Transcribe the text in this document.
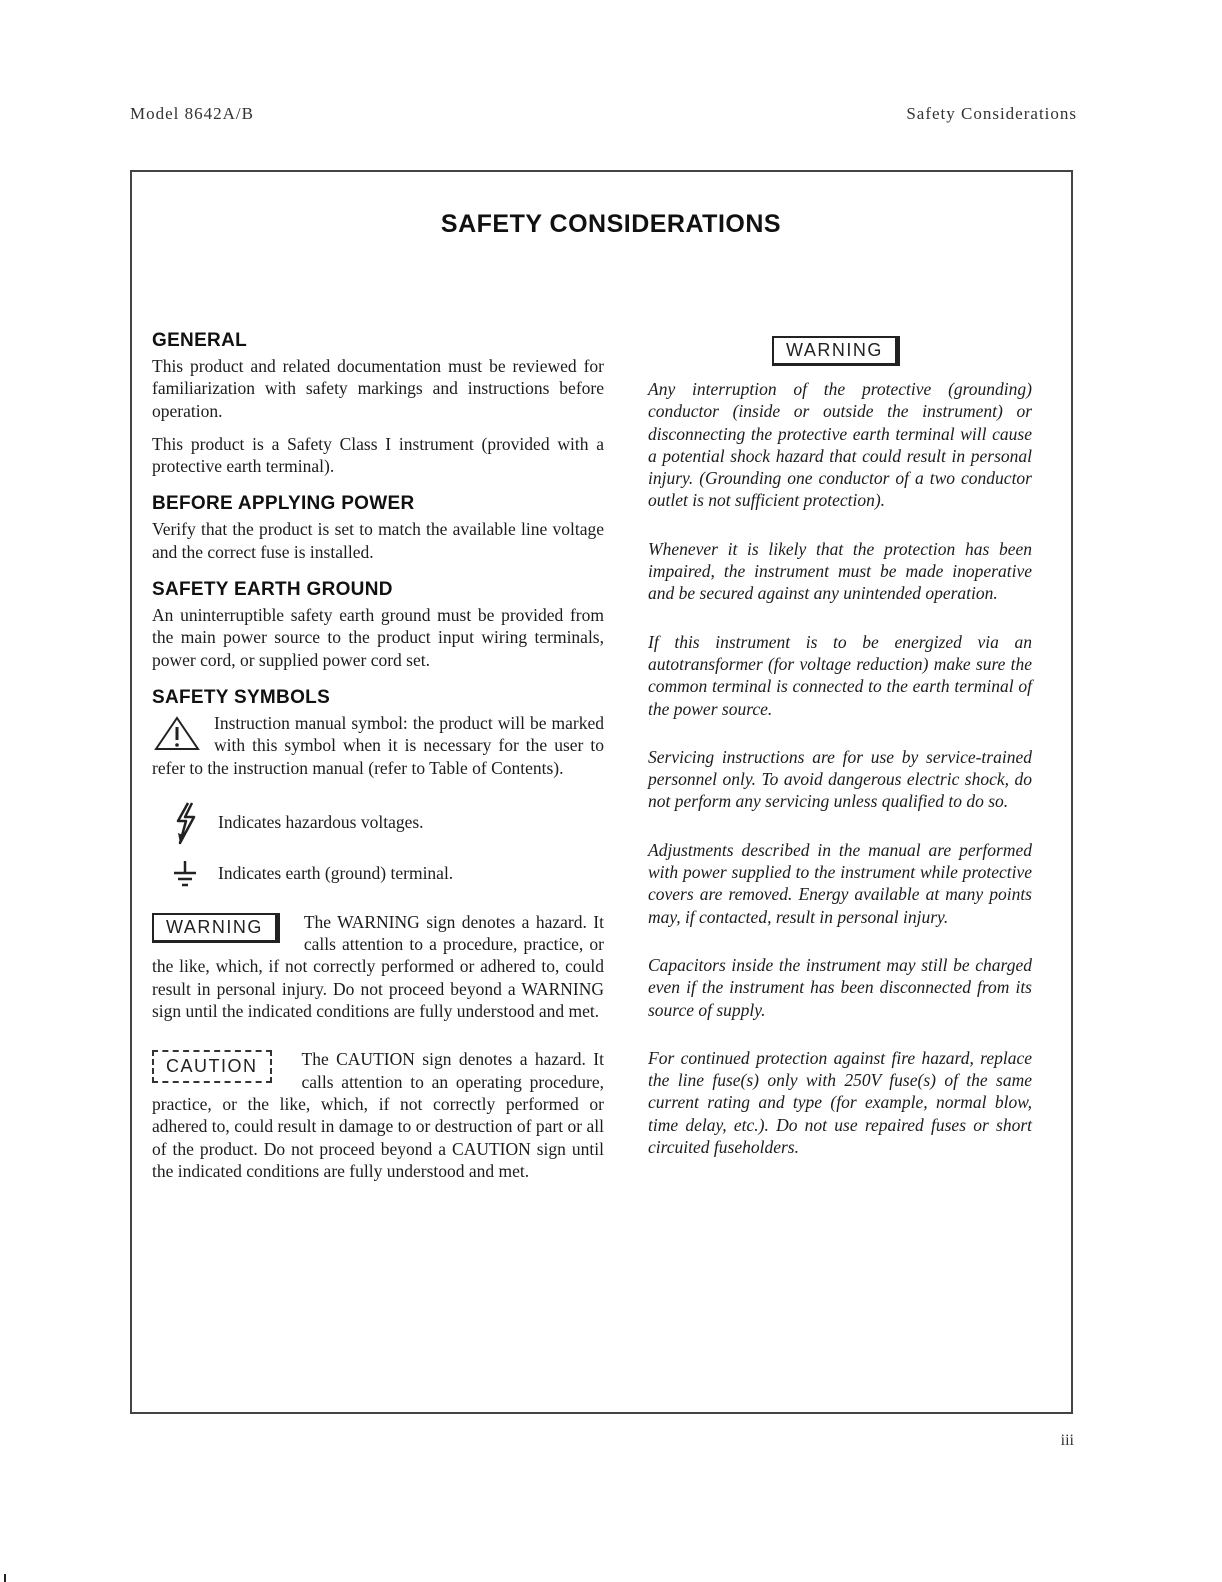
Model 8642A/B	Safety Considerations
SAFETY CONSIDERATIONS
GENERAL

This product and related documentation must be reviewed for familiarization with safety markings and instructions before operation.

This product is a Safety Class I instrument (provided with a protective earth terminal).

BEFORE APPLYING POWER

Verify that the product is set to match the available line voltage and the correct fuse is installed.

SAFETY EARTH GROUND

An uninterruptible safety earth ground must be provided from the main power source to the product input wiring terminals, power cord, or supplied power cord set.

SAFETY SYMBOLS

Instruction manual symbol: the product will be marked with this symbol when it is necessary for the user to refer to the instruction manual (refer to Table of Contents).

Indicates hazardous voltages.
Indicates earth (ground) terminal.
WARNING	The WARNING sign denotes a hazard. It calls attention to a procedure, practice, or the like, which, if not correctly performed or adhered to, could result in personal injury. Do not proceed beyond a WARNING sign until the indicated conditions are fully understood and met.

CAUTION	The CAUTION sign denotes a hazard. It calls attention to an operating procedure, practice, or the like, which, if not correctly performed or adhered to, could result in damage to or destruction of part or all of the product. Do not proceed beyond a CAUTION sign until the indicated conditions are fully understood and met.

WARNING

Any interruption of the protective (grounding) conductor (inside or outside the instrument) or disconnecting the protective earth terminal will cause a potential shock hazard that could result in personal injury. (Grounding one conductor of a two conductor outlet is not sufficient protection).

Whenever it is likely that the protection has been impaired, the instrument must be made inoperative and be secured against any unintended operation.

If this instrument is to be energized via an autotransformer (for voltage reduction) make sure the common terminal is connected to the earth terminal of the power source.

Servicing instructions are for use by service-trained personnel only. To avoid dangerous electric shock, do not perform any servicing unless qualified to do so.

Adjustments described in the manual are performed with power supplied to the instrument while protective covers are removed. Energy available at many points may, if contacted, result in personal injury.

Capacitors inside the instrument may still be charged even if the instrument has been disconnected from its source of supply.

For continued protection against fire hazard, replace the line fuse(s) only with 250V fuse(s) of the same current rating and type (for example, normal blow, time delay, etc.). Do not use repaired fuses or short circuited fuseholders.

iii
